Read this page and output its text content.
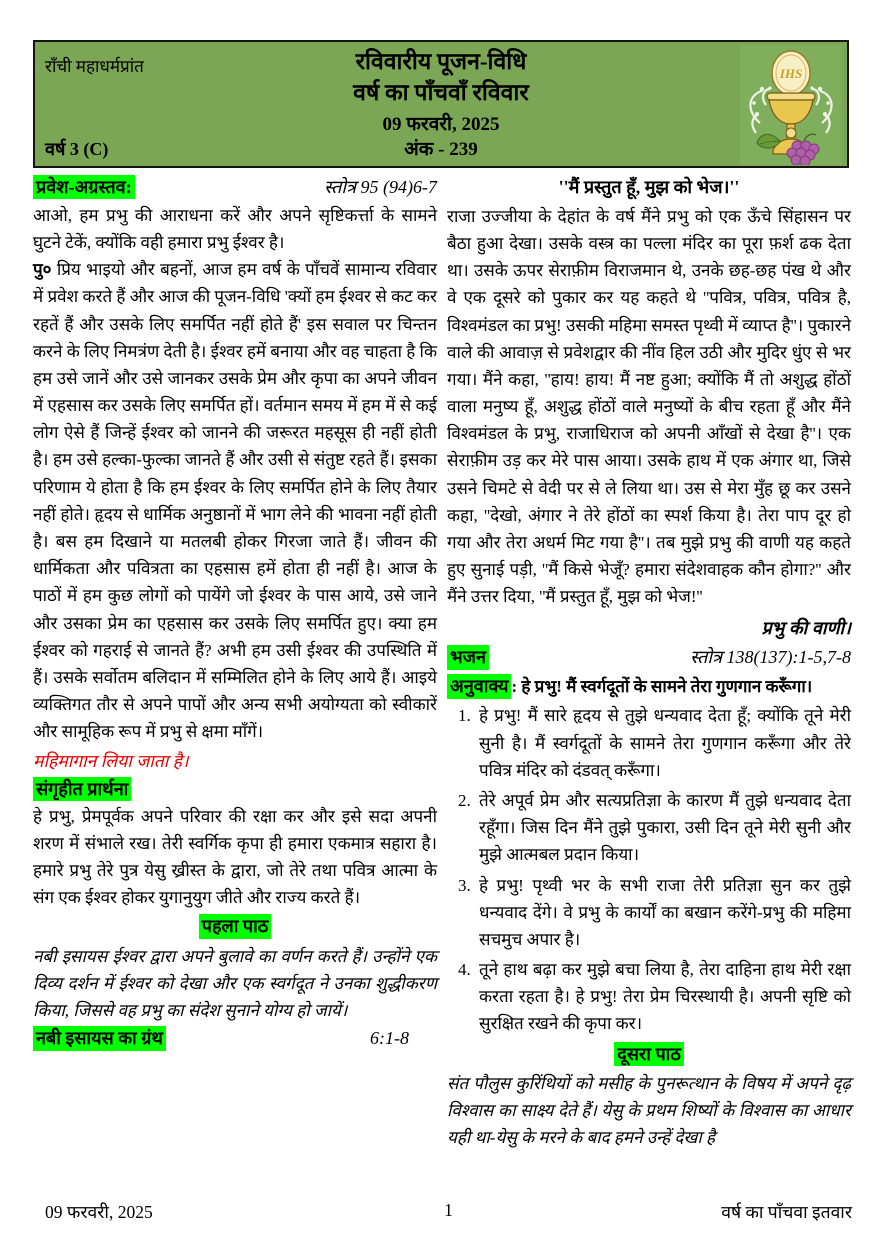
राँची महाधर्मप्रांत	रविवारीय पूजन-विधि
वर्ष का पाँचवाँ रविवार
09 फरवरी, 2025
अंक - 239
वर्ष 3 (C)
IHS
प्रवेश-अग्रस्तव:	स्तोत्र 95 (94)6-7

आओ, हम प्रभु की आराधना करें और अपने सृष्टिकर्त्ता के सामने घुटने टेकें, क्योंकि वही हमारा प्रभु ईश्वर है।

पु० प्रिय भाइयो और बहनों, आज हम वर्ष के पाँचवें सामान्य रविवार में प्रवेश करते हैं और आज की पूजन-विधि 'क्यों हम ईश्वर से कट कर रहतें हैं और उसके लिए समर्पित नहीं होते हैं' इस सवाल पर चिन्तन करने के लिए निमत्रंण देती है। ईश्वर हमें बनाया और वह चाहता है कि हम उसे जानें और उसे जानकर उसके प्रेम और कृपा का अपने जीवन में एहसास कर उसके लिए समर्पित हों। वर्तमान समय में हम में से कई लोग ऐसे हैं जिन्हें ईश्वर को जानने की जरूरत महसूस ही नहीं होती है। हम उसे हल्का-फुल्का जानते हैं और उसी से संतुष्ट रहते हैं। इसका परिणाम ये होता है कि हम ईश्वर के लिए समर्पित होने के लिए तैयार नहीं होते। हृदय से धार्मिक अनुष्ठानों में भाग लेने की भावना नहीं होती है। बस हम दिखाने या मतलबी होकर गिरजा जाते हैं। जीवन की धार्मिकता और पवित्रता का एहसास हमें होता ही नहीं है। आज के पाठों में हम कुछ लोगों को पायेंगे जो ईश्वर के पास आये, उसे जाने और उसका प्रेम का एहसास कर उसके लिए समर्पित हुए। क्या हम ईश्वर को गहराई से जानते हैं? अभी हम उसी ईश्वर की उपस्थिति में हैं। उसके सर्वोतम बलिदान में सम्मिलित होने के लिए आये हैं। आइये व्यक्तिगत तौर से अपने पापों और अन्य सभी अयोग्यता को स्वीकारें और सामूहिक रूप में प्रभु से क्षमा माँगें।

महिमागान लिया जाता है।
संगृहीत प्रार्थना

हे प्रभु, प्रेमपूर्वक अपने परिवार की रक्षा कर और इसे सदा अपनी शरण में संभाले रख। तेरी स्वर्गिक कृपा ही हमारा एकमात्र सहारा है। हमारे प्रभु तेरे पुत्र येसु ख्रीस्त के द्वारा, जो तेरे तथा पवित्र आत्मा के संग एक ईश्वर होकर युगानुयुग जीते और राज्य करते हैं।

पहला पाठ

नबी इसायस ईश्वर द्वारा अपने बुलावे का वर्णन करते हैं। उन्होंने एक दिव्य दर्शन में ईश्वर को देखा और एक स्वर्गदूत ने उनका शुद्धीकरण किया, जिससे वह प्रभु का संदेश सुनाने योग्य हो जायें।

नबी इसायस का ग्रंथ	6:1-8
''मैं प्रस्तुत हूँ, मुझ को भेज।''

राजा उज्जीया के देहांत के वर्ष मैंने प्रभु को एक ऊँचे सिंहासन पर बैठा हुआ देखा। उसके वस्त्र का पल्ला मंदिर का पूरा फ़र्श ढक देता था। उसके ऊपर सेराफ़ीम विराजमान थे, उनके छह-छह पंख थे और वे एक दूसरे को पुकार कर यह कहते थे ''पवित्र, पवित्र, पवित्र है, विश्वमंडल का प्रभु! उसकी महिमा समस्त पृथ्वी में व्याप्त है''। पुकारने वाले की आवाज़ से प्रवेशद्वार की नींव हिल उठी और मुदिर धुंए से भर गया। मैंने कहा, ''हाय! हाय! मैं नष्ट हुआ; क्योंकि मैं तो अशुद्ध होंठों वाला मनुष्य हूँ, अशुद्ध होंठों वाले मनुष्यों के बीच रहता हूँ और मैंने विश्वमंडल के प्रभु, राजाधिराज को अपनी आँखों से देखा है''। एक सेराफ़ीम उड़ कर मेरे पास आया। उसके हाथ में एक अंगार था, जिसे उसने चिमटे से वेदी पर से ले लिया था। उस से मेरा मुँह छू कर उसने कहा, ''देखो, अंगार ने तेरे होंठों का स्पर्श किया है। तेरा पाप दूर हो गया और तेरा अधर्म मिट गया है''। तब मुझे प्रभु की वाणी यह कहते हुए सुनाई पड़ी, ''मैं किसे भेजूँ? हमारा संदेशवाहक कौन होगा?'' और मैंने उत्तर दिया, ''मैं प्रस्तुत हूँ, मुझ को भेज!''

प्रभु की वाणी।
भजन	स्तोत्र 138(137):1-5,7-8
अनुवाक्य : हे प्रभु! मैं स्वर्गदूतों के सामने तेरा गुणगान करूँगा।
1. हे प्रभु! मैं सारे हृदय से तुझे धन्यवाद देता हूँ; क्योंकि तूने मेरी सुनी है। मैं स्वर्गदूतों के सामने तेरा गुणगान करूँगा और तेरे पवित्र मंदिर को दंडवत् करूँगा।
2. तेरे अपूर्व प्रेम और सत्यप्रतिज्ञा के कारण मैं तुझे धन्यवाद देता रहूँगा। जिस दिन मैंने तुझे पुकारा, उसी दिन तूने मेरी सुनी और मुझे आत्मबल प्रदान किया।
3. हे प्रभु! पृथ्वी भर के सभी राजा तेरी प्रतिज्ञा सुन कर तुझे धन्यवाद देंगे। वे प्रभु के कार्यों का बखान करेंगे-प्रभु की महिमा सचमुच अपार है।
4. तूने हाथ बढ़ा कर मुझे बचा लिया है, तेरा दाहिना हाथ मेरी रक्षा करता रहता है। हे प्रभु! तेरा प्रेम चिरस्थायी है। अपनी सृष्टि को सुरक्षित रखने की कृपा कर।
दूसरा पाठ

संत पौलुस कुरिंथियों को मसीह के पुनरूत्थान के विषय में अपने दृढ़ विश्वास का साक्ष्य देते हैं। येसु के प्रथम शिष्यों के विश्वास का आधार यही था-येसु के मरने के बाद हमने उन्हें देखा है

09 फरवरी, 2025	1	वर्ष का पाँचवा इतवार
